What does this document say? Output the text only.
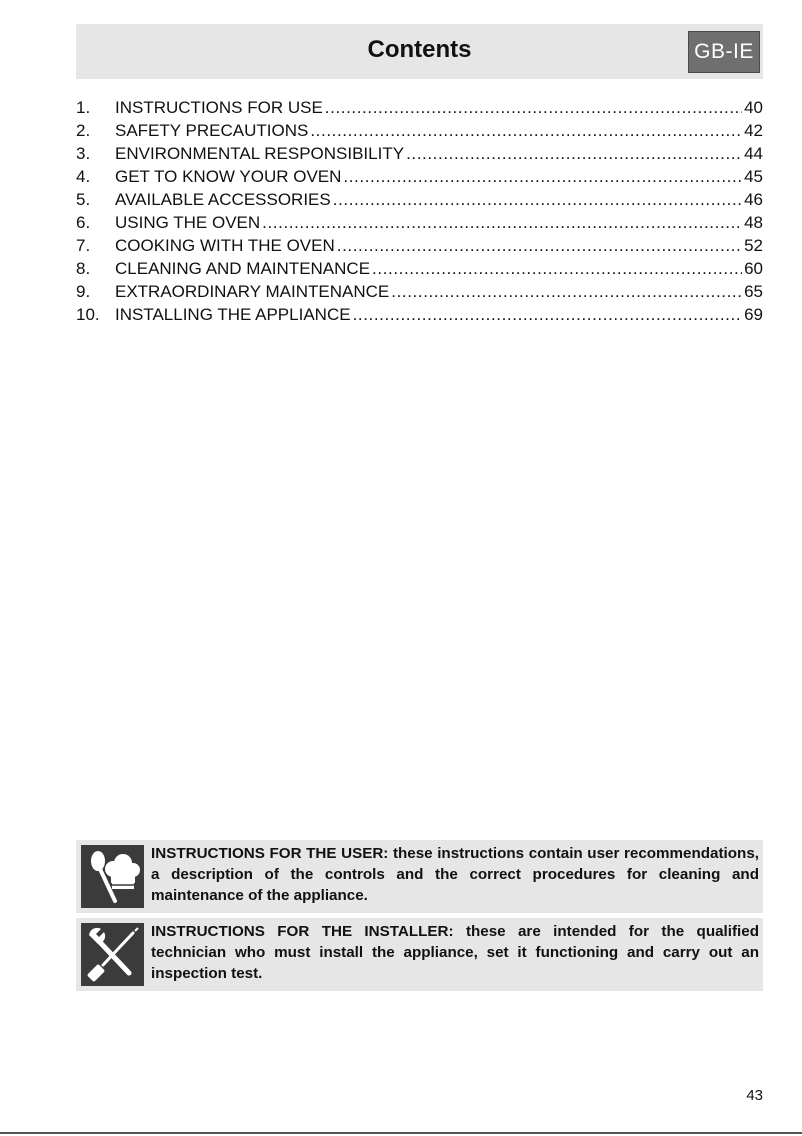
Contents	GB-IE
1.	INSTRUCTIONS FOR USE .....	40
2.	SAFETY PRECAUTIONS .....	42
3.	ENVIRONMENTAL RESPONSIBILITY .....	44
4.	GET TO KNOW YOUR OVEN .....	45
5.	AVAILABLE ACCESSORIES .....	46
6.	USING THE OVEN .....	48
7.	COOKING WITH THE OVEN .....	52
8.	CLEANING AND MAINTENANCE .....	60
9.	EXTRAORDINARY MAINTENANCE .....	65
10. INSTALLING THE APPLIANCE .....	69
INSTRUCTIONS FOR THE USER: these instructions contain user recommendations, a description of the controls and the correct procedures for cleaning and maintenance of the appliance.
INSTRUCTIONS FOR THE INSTALLER: these are intended for the qualified technician who must install the appliance, set it functioning and carry out an inspection test.
43
